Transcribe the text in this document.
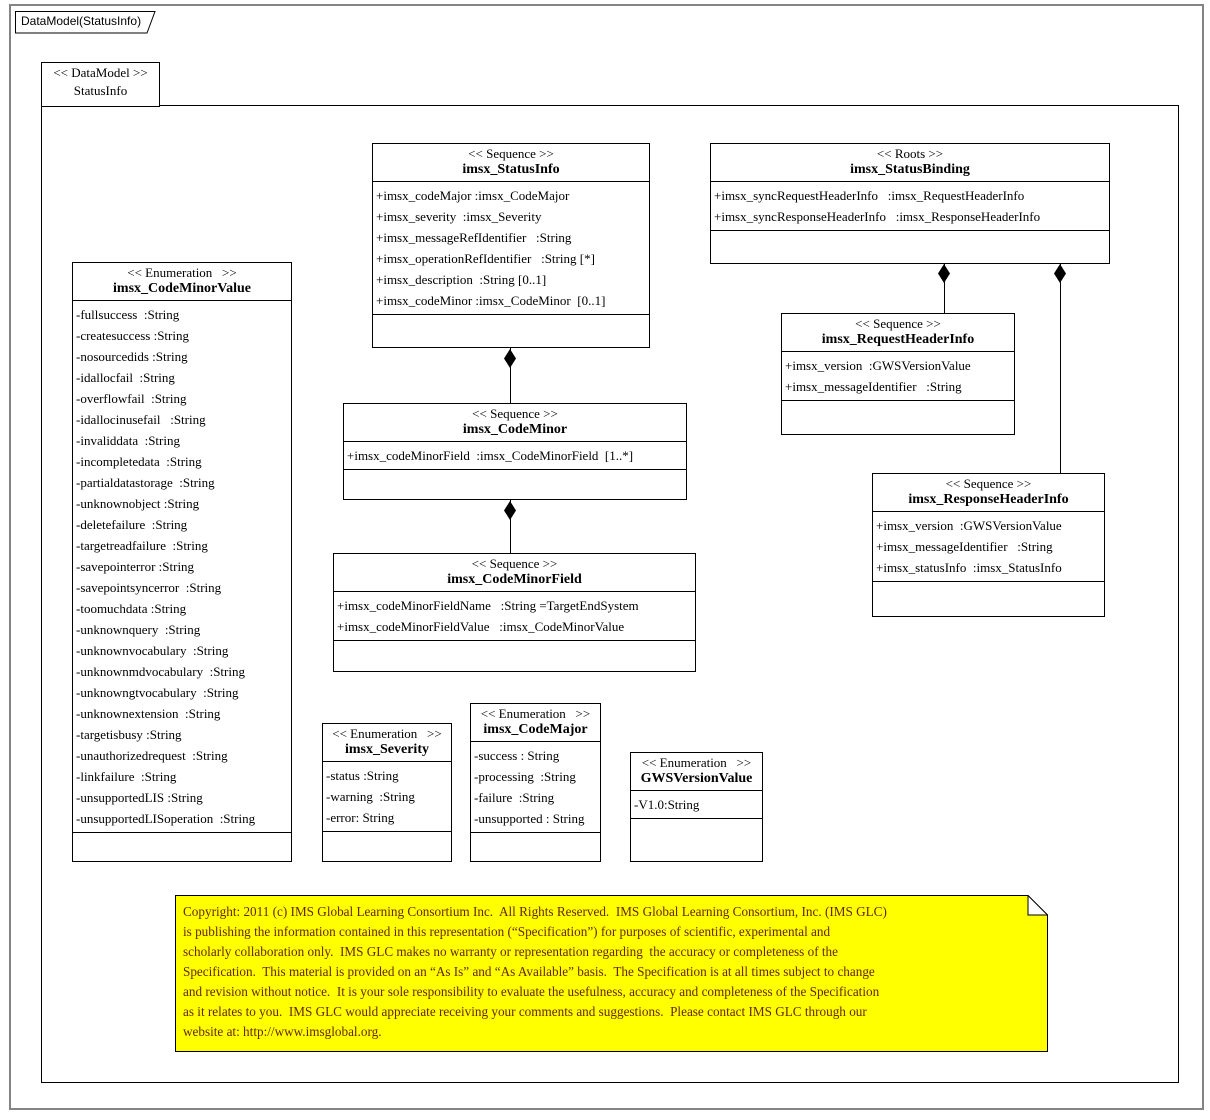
DataModel(StatusInfo)
<< DataModel >>
StatusInfo
<< Sequence >>
imsx_StatusInfo
+imsx_codeMajor :imsx_CodeMajor
+imsx_severity  :imsx_Severity
+imsx_messageRefIdentifier   :String
+imsx_operationRefIdentifier   :String [*]
+imsx_description  :String [0..1]
+imsx_codeMinor :imsx_CodeMinor  [0..1]
<< Roots >>
imsx_StatusBinding
+imsx_syncRequestHeaderInfo   :imsx_RequestHeaderInfo
+imsx_syncResponseHeaderInfo   :imsx_ResponseHeaderInfo
<< Enumeration   >>
imsx_CodeMinorValue
-fullsuccess  :String
-createsuccess :String
-nosourcedids :String
-idallocfail  :String
-overflowfail  :String
-idallocinusefail   :String
-invaliddata  :String
-incompletedata  :String
-partialdatastorage  :String
-unknownobject :String
-deletefailure  :String
-targetreadfailure  :String
-savepointerror :String
-savepointsyncerror  :String
-toomuchdata :String
-unknownquery  :String
-unknownvocabulary  :String
-unknownmdvocabulary  :String
-unknowngtvocabulary  :String
-unknownextension  :String
-targetisbusy :String
-unauthorizedrequest  :String
-linkfailure  :String
-unsupportedLIS :String
-unsupportedLISoperation  :String
<< Sequence >>
imsx_CodeMinor
+imsx_codeMinorField  :imsx_CodeMinorField  [1..*]
<< Sequence >>
imsx_CodeMinorField
+imsx_codeMinorFieldName   :String =TargetEndSystem
+imsx_codeMinorFieldValue   :imsx_CodeMinorValue
<< Sequence >>
imsx_RequestHeaderInfo
+imsx_version  :GWSVersionValue
+imsx_messageIdentifier   :String
<< Sequence >>
imsx_ResponseHeaderInfo
+imsx_version  :GWSVersionValue
+imsx_messageIdentifier   :String
+imsx_statusInfo  :imsx_StatusInfo
<< Enumeration   >>
imsx_Severity
-status :String
-warning  :String
-error: String
<< Enumeration   >>
imsx_CodeMajor
-success : String
-processing  :String
-failure  :String
-unsupported : String
<< Enumeration   >>
GWSVersionValue
-V1.0:String
Copyright: 2011 (c) IMS Global Learning Consortium Inc.  All Rights Reserved.  IMS Global Learning Consortium, Inc. (IMS GLC)
is publishing the information contained in this representation (“Specification”) for purposes of scientific, experimental and
scholarly collaboration only.  IMS GLC makes no warranty or representation regarding  the accuracy or completeness of the
Specification.  This material is provided on an “As Is” and “As Available” basis.  The Specification is at all times subject to change
and revision without notice.  It is your sole responsibility to evaluate the usefulness, accuracy and completeness of the Specification
as it relates to you.  IMS GLC would appreciate receiving your comments and suggestions.  Please contact IMS GLC through our
website at: http://www.imsglobal.org.
